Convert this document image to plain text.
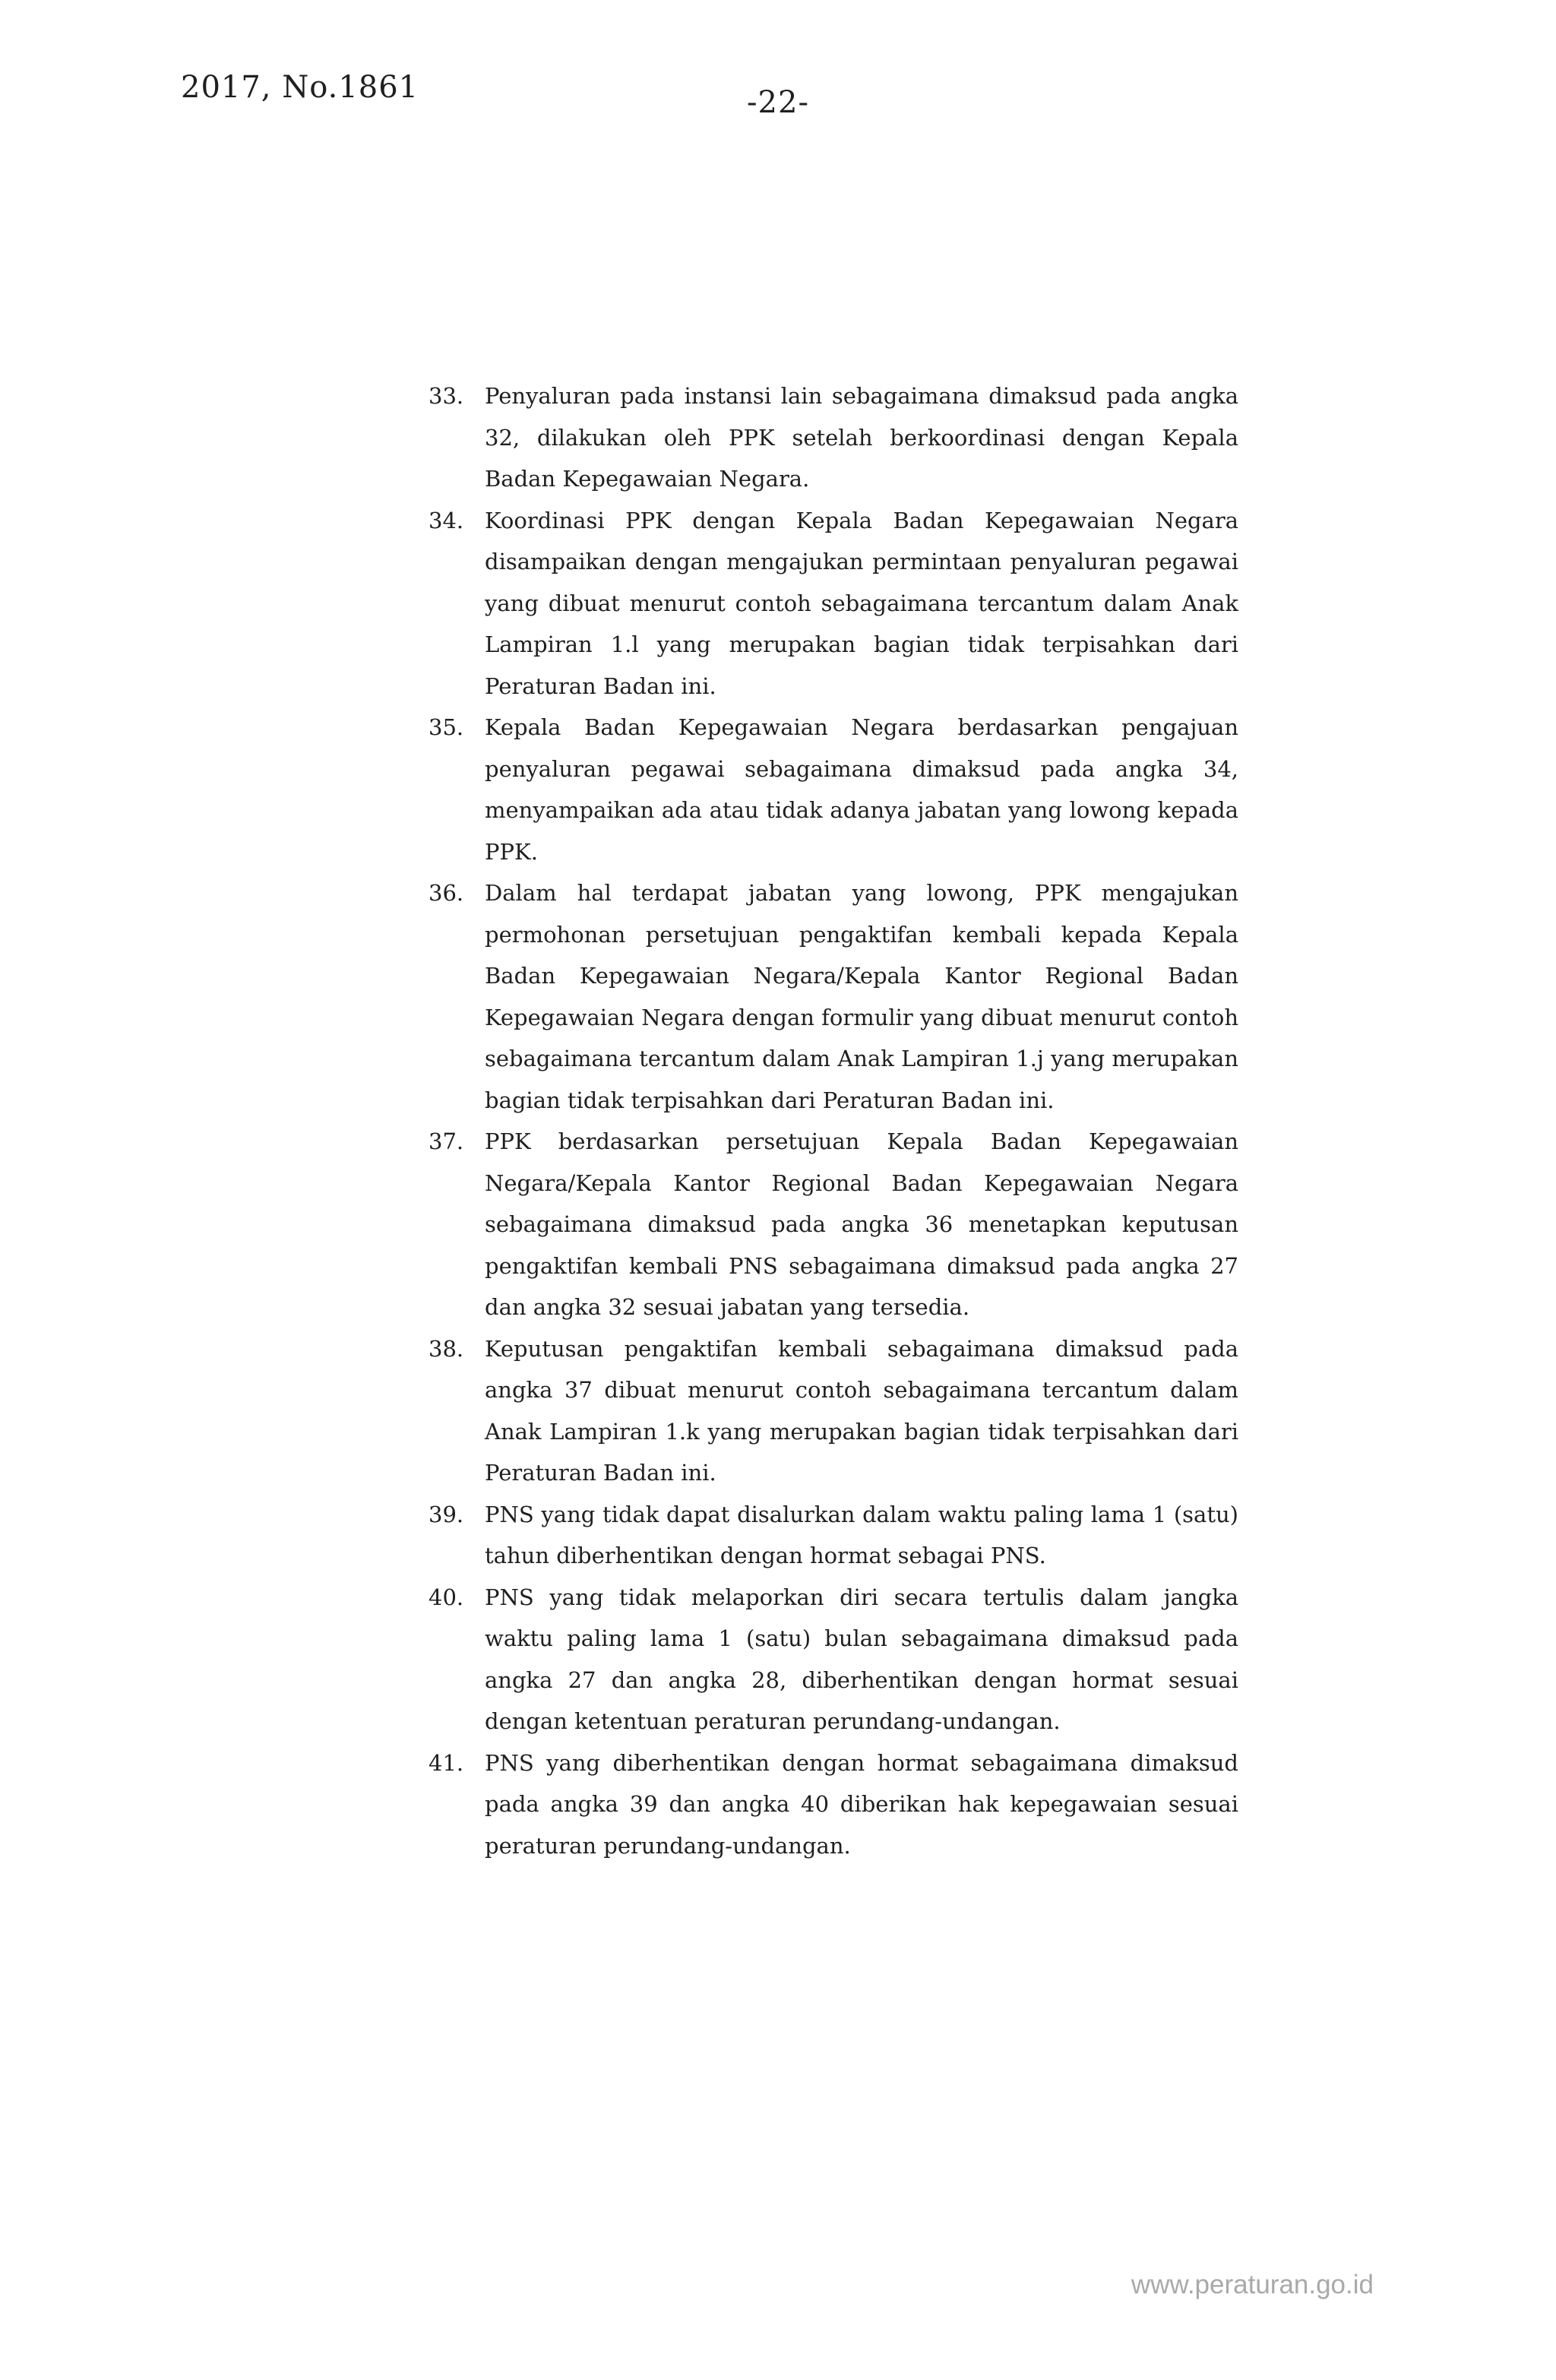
2017, No.1861	-22-
33. Penyaluran pada instansi lain sebagaimana dimaksud pada angka 32, dilakukan oleh PPK setelah berkoordinasi dengan Kepala Badan Kepegawaian Negara.
34. Koordinasi PPK dengan Kepala Badan Kepegawaian Negara disampaikan dengan mengajukan permintaan penyaluran pegawai yang dibuat menurut contoh sebagaimana tercantum dalam Anak Lampiran 1.l yang merupakan bagian tidak terpisahkan dari Peraturan Badan ini.
35. Kepala Badan Kepegawaian Negara berdasarkan pengajuan penyaluran pegawai sebagaimana dimaksud pada angka 34, menyampaikan ada atau tidak adanya jabatan yang lowong kepada PPK.
36. Dalam hal terdapat jabatan yang lowong, PPK mengajukan permohonan persetujuan pengaktifan kembali kepada Kepala Badan Kepegawaian Negara/Kepala Kantor Regional Badan Kepegawaian Negara dengan formulir yang dibuat menurut contoh sebagaimana tercantum dalam Anak Lampiran 1.j yang merupakan bagian tidak terpisahkan dari Peraturan Badan ini.
37. PPK berdasarkan persetujuan Kepala Badan Kepegawaian Negara/Kepala Kantor Regional Badan Kepegawaian Negara sebagaimana dimaksud pada angka 36 menetapkan keputusan pengaktifan kembali PNS sebagaimana dimaksud pada angka 27 dan angka 32 sesuai jabatan yang tersedia.
38. Keputusan pengaktifan kembali sebagaimana dimaksud pada angka 37 dibuat menurut contoh sebagaimana tercantum dalam Anak Lampiran 1.k yang merupakan bagian tidak terpisahkan dari Peraturan Badan ini.
39. PNS yang tidak dapat disalurkan dalam waktu paling lama 1 (satu) tahun diberhentikan dengan hormat sebagai PNS.
40. PNS yang tidak melaporkan diri secara tertulis dalam jangka waktu paling lama 1 (satu) bulan sebagaimana dimaksud pada angka 27 dan angka 28, diberhentikan dengan hormat sesuai dengan ketentuan peraturan perundang-undangan.
41. PNS yang diberhentikan dengan hormat sebagaimana dimaksud pada angka 39 dan angka 40 diberikan hak kepegawaian sesuai peraturan perundang-undangan.
www.peraturan.go.id
